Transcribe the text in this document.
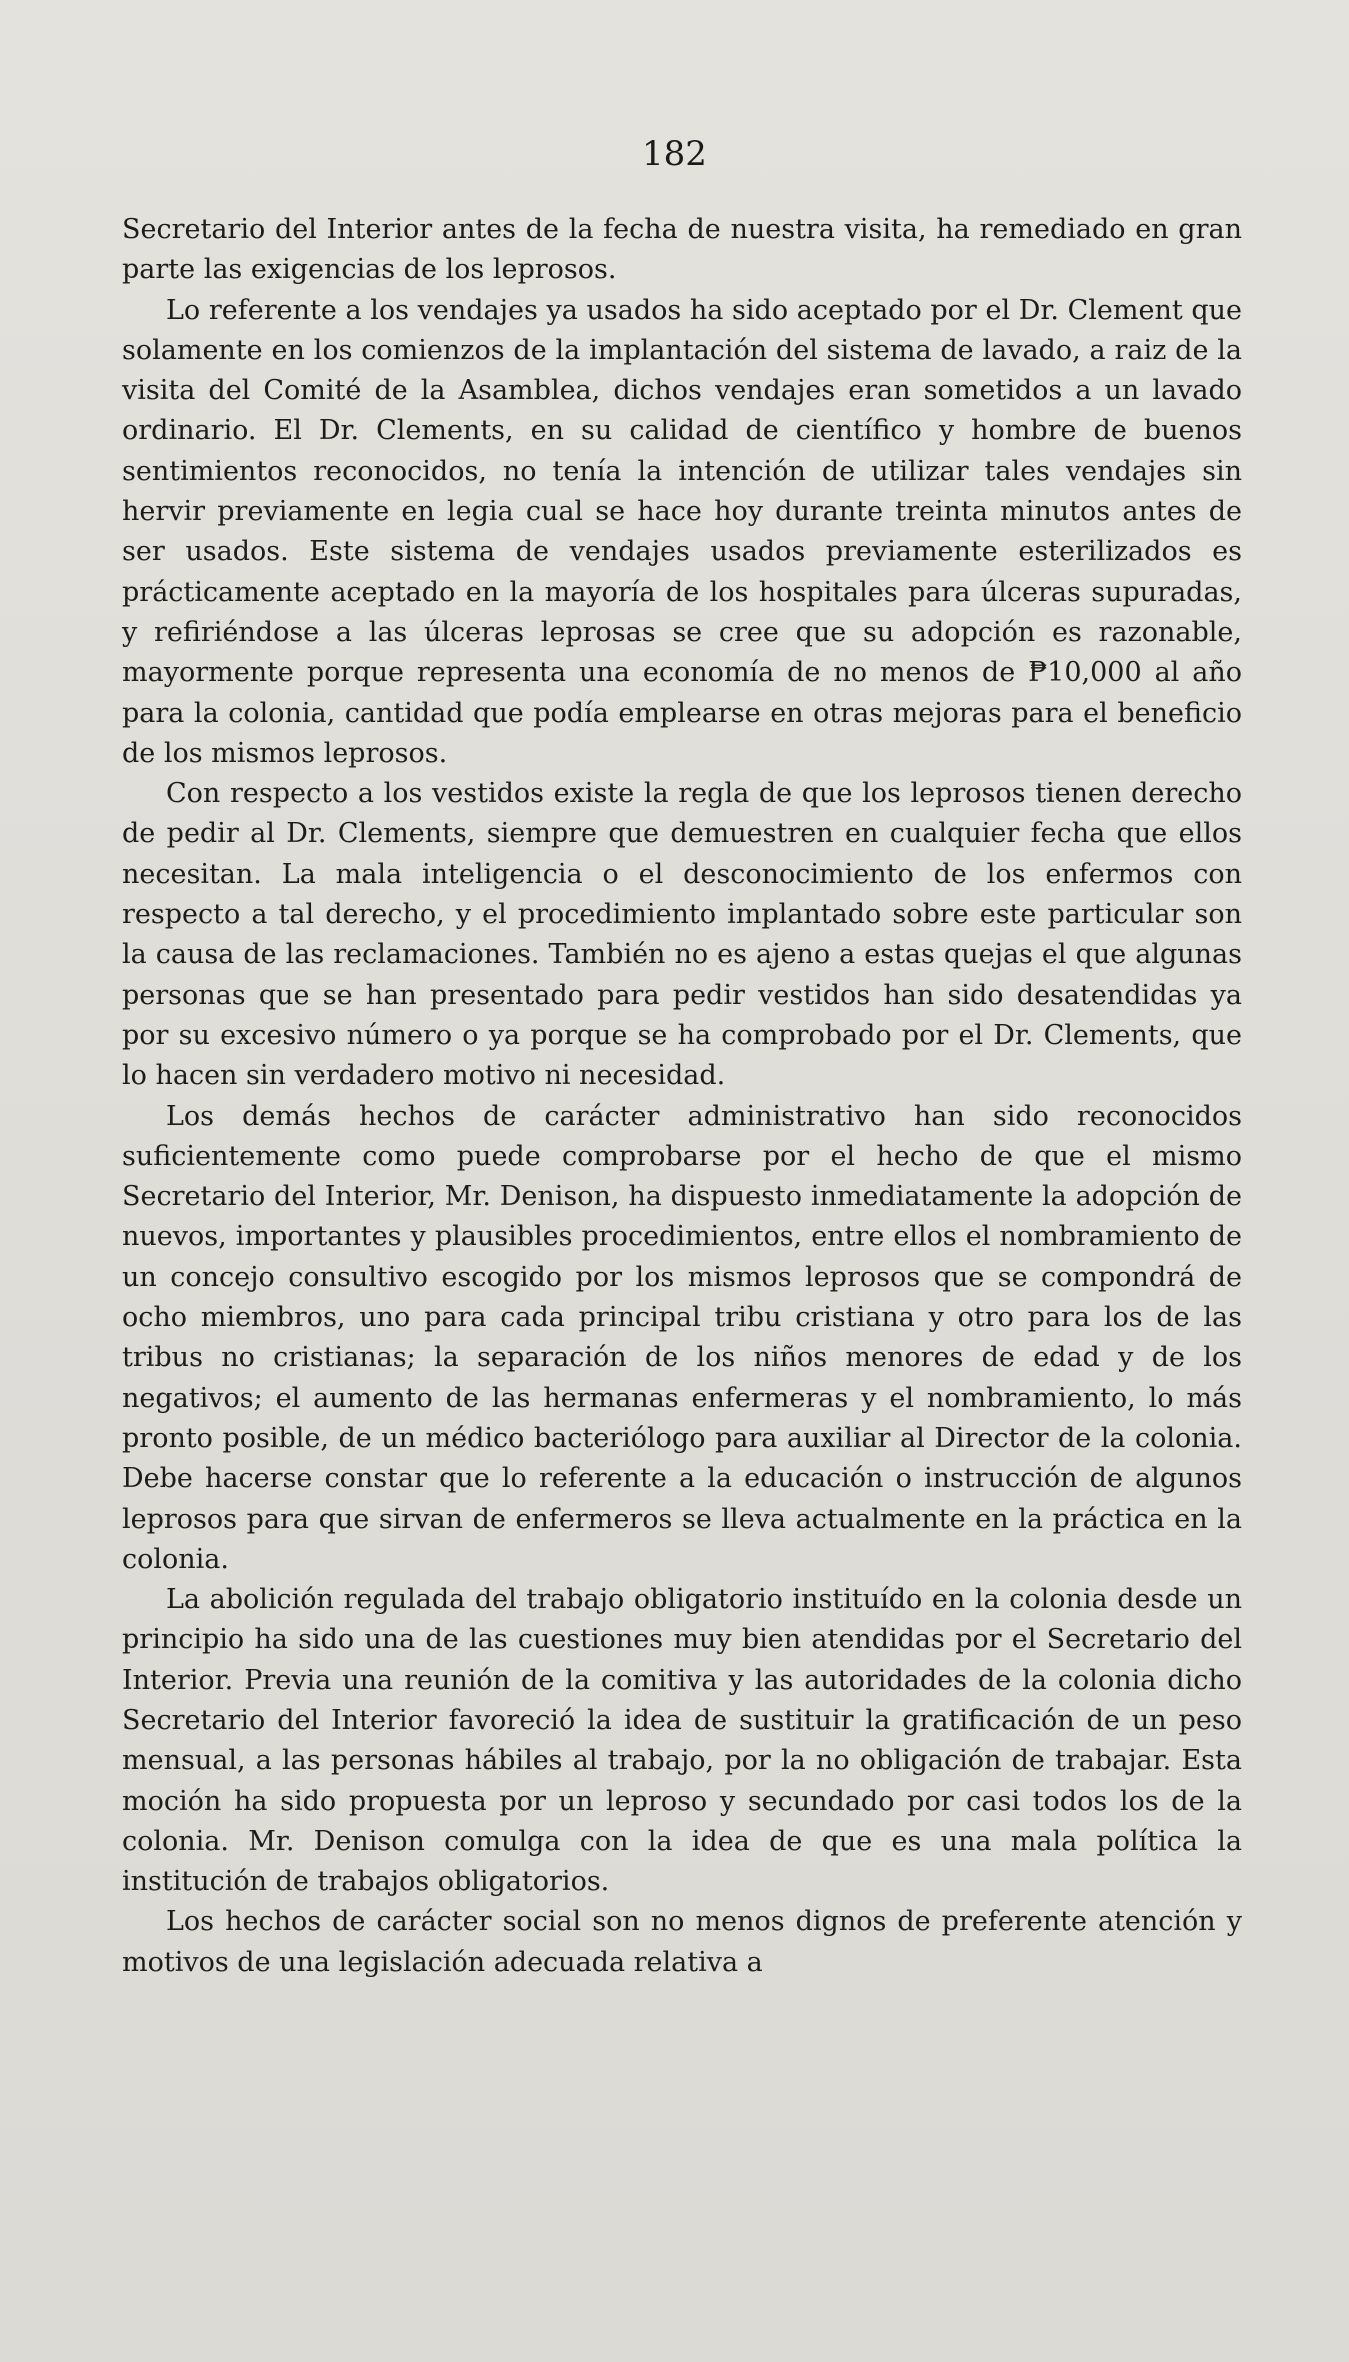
182

Secretario del Interior antes de la fecha de nuestra visita, ha remediado en gran parte las exigencias de los leprosos.

Lo referente a los vendajes ya usados ha sido aceptado por el Dr. Clement que solamente en los comienzos de la implantación del sistema de lavado, a raiz de la visita del Comité de la Asamblea, dichos vendajes eran sometidos a un lavado ordinario. El Dr. Clements, en su calidad de científico y hombre de buenos sentimientos reconocidos, no tenía la intención de utilizar tales vendajes sin hervir previamente en legia cual se hace hoy durante treinta minutos antes de ser usados. Este sistema de vendajes usados previamente esterilizados es prácticamente aceptado en la mayoría de los hospitales para úlceras supuradas, y refiriéndose a las úlceras leprosas se cree que su adopción es razonable, mayormente porque representa una economía de no menos de ₱10,000 al año para la colonia, cantidad que podía emplearse en otras mejoras para el beneficio de los mismos leprosos.

Con respecto a los vestidos existe la regla de que los leprosos tienen derecho de pedir al Dr. Clements, siempre que demuestren en cualquier fecha que ellos necesitan. La mala inteligencia o el desconocimiento de los enfermos con respecto a tal derecho, y el procedimiento implantado sobre este particular son la causa de las reclamaciones. También no es ajeno a estas quejas el que algunas personas que se han presentado para pedir vestidos han sido desatendidas ya por su excesivo número o ya porque se ha comprobado por el Dr. Clements, que lo hacen sin verdadero motivo ni necesidad.

Los demás hechos de carácter administrativo han sido reconocidos suficientemente como puede comprobarse por el hecho de que el mismo Secretario del Interior, Mr. Denison, ha dispuesto inmediatamente la adopción de nuevos, importantes y plausibles procedimientos, entre ellos el nombramiento de un concejo consultivo escogido por los mismos leprosos que se compondrá de ocho miembros, uno para cada principal tribu cristiana y otro para los de las tribus no cristianas; la separación de los niños menores de edad y de los negativos; el aumento de las hermanas enfermeras y el nombramiento, lo más pronto posible, de un médico bacteriólogo para auxiliar al Director de la colonia. Debe hacerse constar que lo referente a la educación o instrucción de algunos leprosos para que sirvan de enfermeros se lleva actualmente en la práctica en la colonia.

La abolición regulada del trabajo obligatorio instituído en la colonia desde un principio ha sido una de las cuestiones muy bien atendidas por el Secretario del Interior. Previa una reunión de la comitiva y las autoridades de la colonia dicho Secretario del Interior favoreció la idea de sustituir la gratificación de un peso mensual, a las personas hábiles al trabajo, por la no obligación de trabajar. Esta moción ha sido propuesta por un leproso y secundado por casi todos los de la colonia. Mr. Denison comulga con la idea de que es una mala política la institución de trabajos obligatorios.

Los hechos de carácter social son no menos dignos de preferente atención y motivos de una legislación adecuada relativa a
